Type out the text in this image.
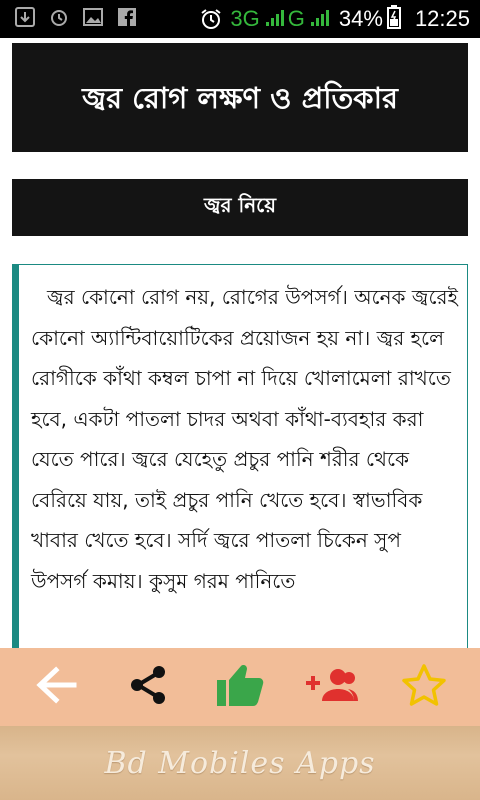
3G G 34% 12:25
জ্বর রোগ লক্ষণ ও প্রতিকার
জ্বর নিয়ে

জ্বর কোনো রোগ নয়, রোগের উপসর্গ। অনেক জ্বরেই কোনো অ্যান্টিবায়োটিকের প্রয়োজন হয় না। জ্বর হলে রোগীকে কাঁথা কম্বল চাপা না দিয়ে খোলামেলা রাখতে হবে, একটা পাতলা চাদর অথবা কাঁথা-ব্যবহার করা যেতে পারে। জ্বরে যেহেতু প্রচুর পানি শরীর থেকে বেরিয়ে যায়, তাই প্রচুর পানি খেতে হবে। স্বাভাবিক খাবার খেতে হবে। সর্দি জ্বরে পাতলা চিকেন সুপ উপসর্গ কমায়। কুসুম গরম পানিতে

Bd Mobiles Apps
